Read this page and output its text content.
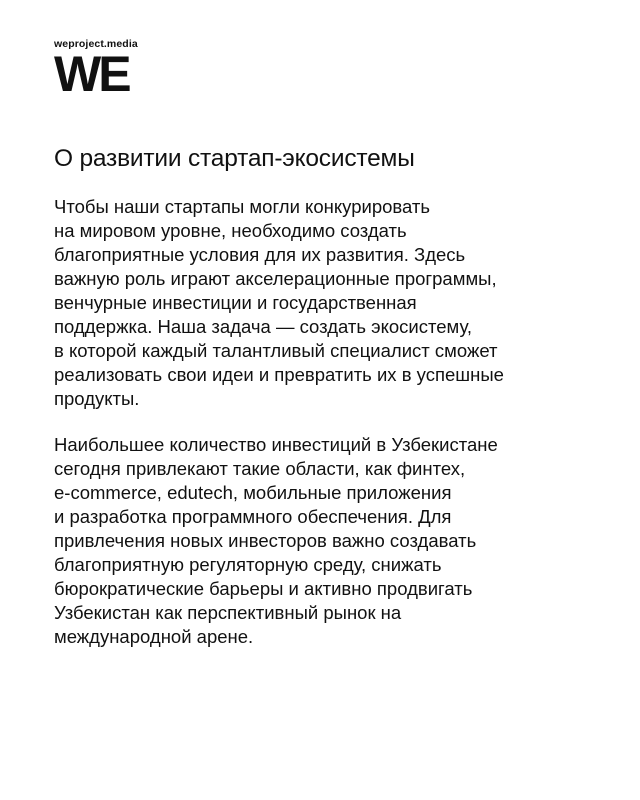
weproject.media
WE
О развитии стартап-экосистемы

Чтобы наши стартапы могли конкурировать
на мировом уровне, необходимо создать
благоприятные условия для их развития. Здесь
важную роль играют акселерационные программы,
венчурные инвестиции и государственная
поддержка. Наша задача — создать экосистему,
в которой каждый талантливый специалист сможет
реализовать свои идеи и превратить их в успешные
продукты.

Наибольшее количество инвестиций в Узбекистане
сегодня привлекают такие области, как финтех,
e-commerce, edutech, мобильные приложения
и разработка программного обеспечения. Для
привлечения новых инвесторов важно создавать
благоприятную регуляторную среду, снижать
бюрократические барьеры и активно продвигать
Узбекистан как перспективный рынок на
международной арене.
